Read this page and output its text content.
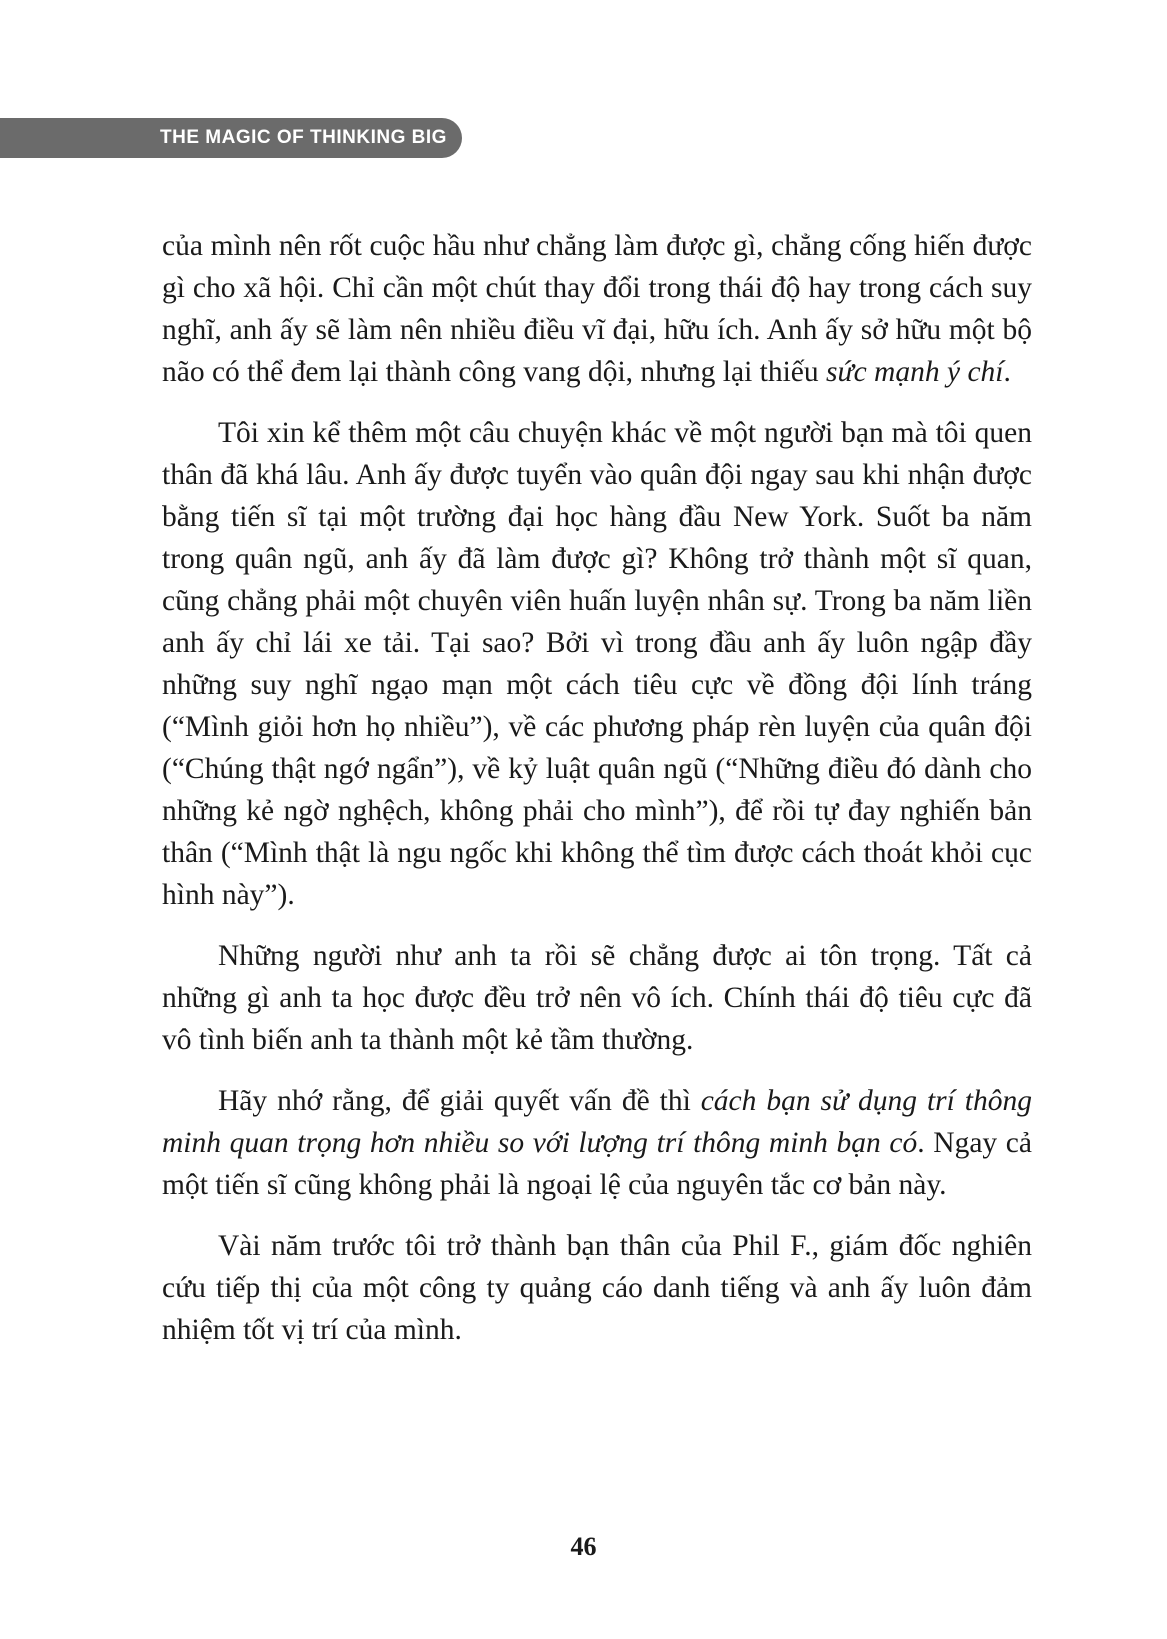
THE MAGIC OF THINKING BIG

của mình nên rốt cuộc hầu như chẳng làm được gì, chẳng cống hiến được gì cho xã hội. Chỉ cần một chút thay đổi trong thái độ hay trong cách suy nghĩ, anh ấy sẽ làm nên nhiều điều vĩ đại, hữu ích. Anh ấy sở hữu một bộ não có thể đem lại thành công vang dội, nhưng lại thiếu sức mạnh ý chí.

Tôi xin kể thêm một câu chuyện khác về một người bạn mà tôi quen thân đã khá lâu. Anh ấy được tuyển vào quân đội ngay sau khi nhận được bằng tiến sĩ tại một trường đại học hàng đầu New York. Suốt ba năm trong quân ngũ, anh ấy đã làm được gì? Không trở thành một sĩ quan, cũng chẳng phải một chuyên viên huấn luyện nhân sự. Trong ba năm liền anh ấy chỉ lái xe tải. Tại sao? Bởi vì trong đầu anh ấy luôn ngập đầy những suy nghĩ ngạo mạn một cách tiêu cực về đồng đội lính tráng (“Mình giỏi hơn họ nhiều”), về các phương pháp rèn luyện của quân đội (“Chúng thật ngớ ngẩn”), về kỷ luật quân ngũ (“Những điều đó dành cho những kẻ ngờ nghệch, không phải cho mình”), để rồi tự đay nghiến bản thân (“Mình thật là ngu ngốc khi không thể tìm được cách thoát khỏi cục hình này”).

Những người như anh ta rồi sẽ chẳng được ai tôn trọng. Tất cả những gì anh ta học được đều trở nên vô ích. Chính thái độ tiêu cực đã vô tình biến anh ta thành một kẻ tầm thường.

Hãy nhớ rằng, để giải quyết vấn đề thì cách bạn sử dụng trí thông minh quan trọng hơn nhiều so với lượng trí thông minh bạn có. Ngay cả một tiến sĩ cũng không phải là ngoại lệ của nguyên tắc cơ bản này.

Vài năm trước tôi trở thành bạn thân của Phil F., giám đốc nghiên cứu tiếp thị của một công ty quảng cáo danh tiếng và anh ấy luôn đảm nhiệm tốt vị trí của mình.

46
